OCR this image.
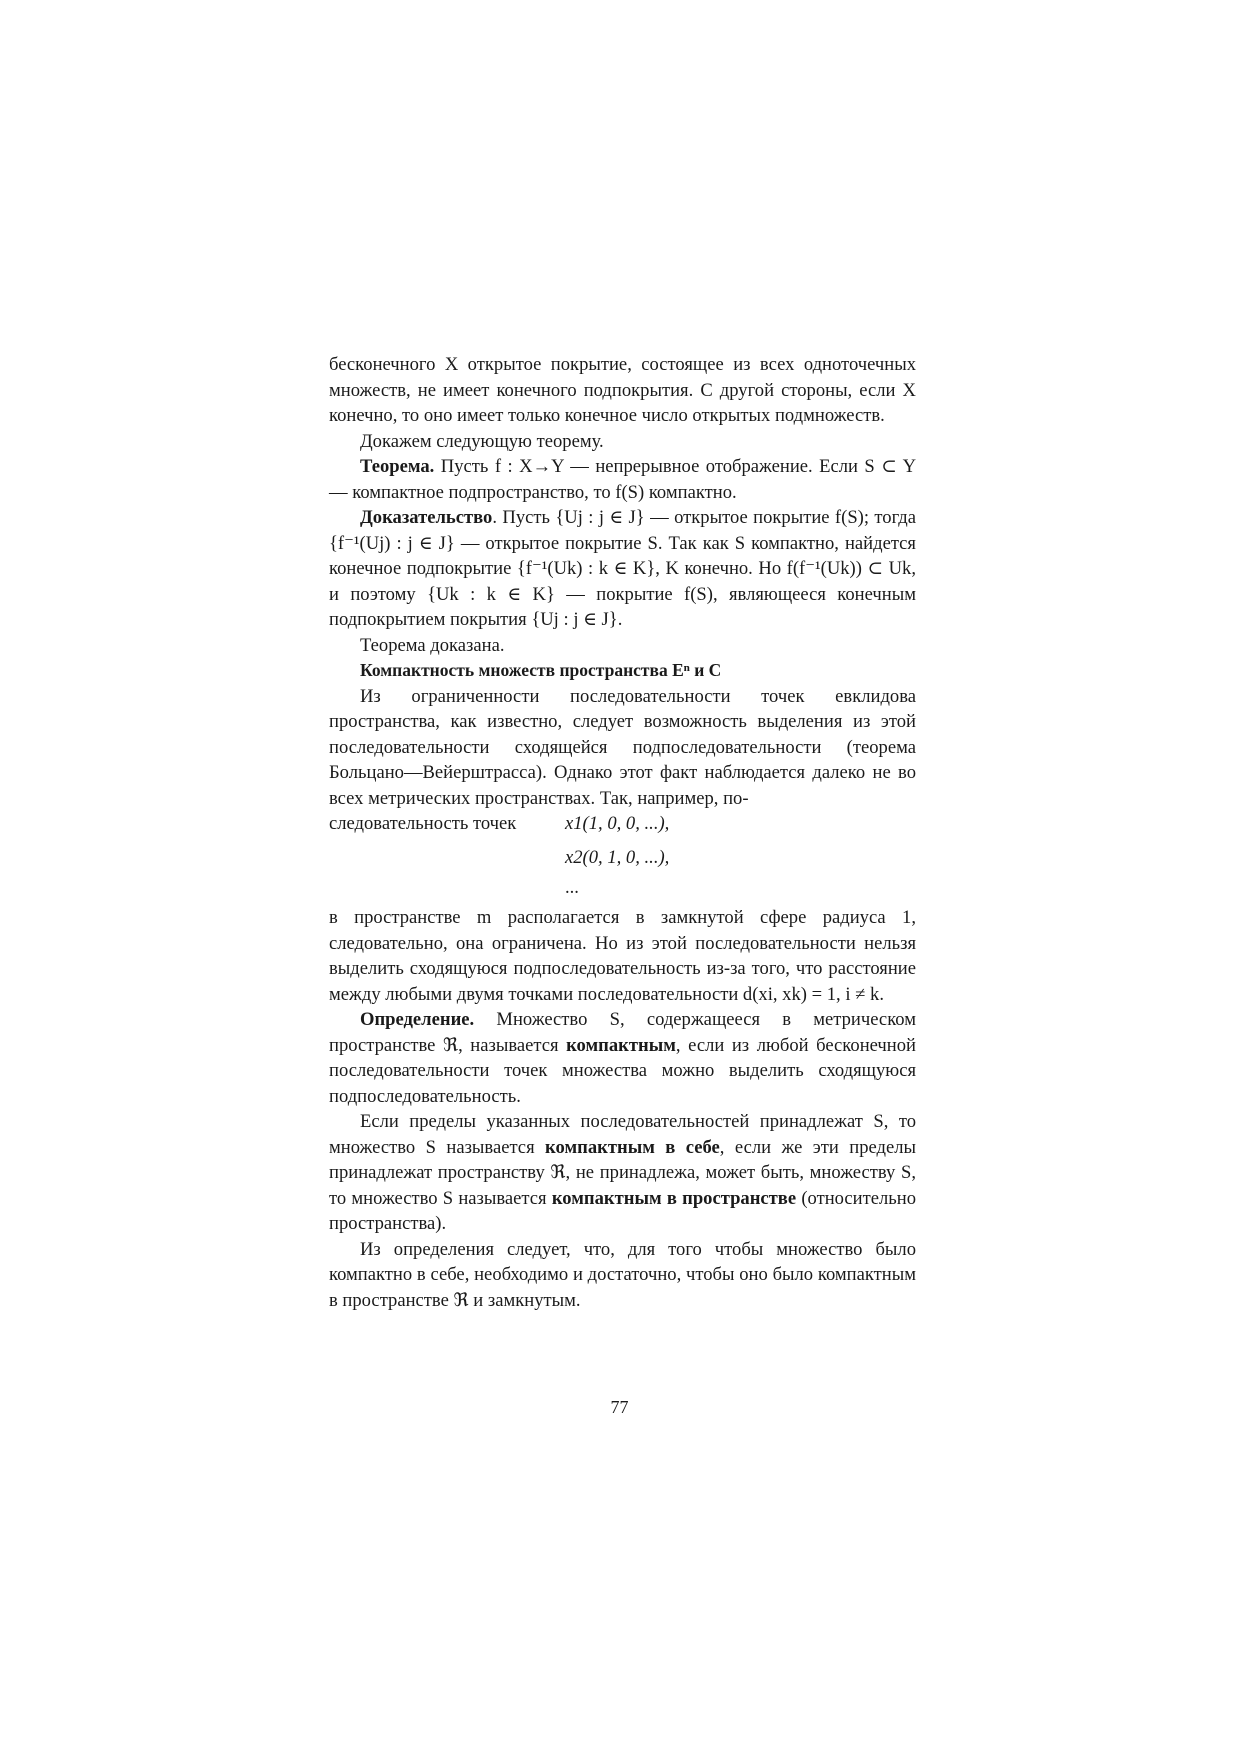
бесконечного X открытое покрытие, состоящее из всех одноточечных множеств, не имеет конечного подпокрытия. С другой стороны, если X конечно, то оно имеет только конечное число открытых подмножеств.

Докажем следующую теорему.

Теорема. Пусть f : X→Y — непрерывное отображение. Если S ⊂ Y — компактное подпространство, то f(S) компактно.

Доказательство. Пусть {Uj : j ∈ J} — открытое покрытие f(S); тогда {f⁻¹(Uj) : j ∈ J} — открытое покрытие S. Так как S компактно, найдется конечное подпокрытие {f⁻¹(Uk) : k ∈ K}, K конечно. Но f(f⁻¹(Uk)) ⊂ Uk, и поэтому {Uk : k ∈ K} — покрытие f(S), являющееся конечным подпокрытием покрытия {Uj : j ∈ J}.

Теорема доказана.

Компактность множеств пространства Eⁿ и C

Из ограниченности последовательности точек евклидова пространства, как известно, следует возможность выделения из этой последовательности сходящейся подпоследовательности (теорема Больцано—Вейерштрасса). Однако этот факт наблюдается далеко не во всех метрических пространствах. Так, например, по-

следовательность точек	x1(1, 0, 0, ...),
x2(0, 1, 0, ...),
...

в пространстве m располагается в замкнутой сфере радиуса 1, следовательно, она ограничена. Но из этой последовательности нельзя выделить сходящуюся подпоследовательность из-за того, что расстояние между любыми двумя точками последовательности d(xi, xk) = 1, i ≠ k.

Определение. Множество S, содержащееся в метрическом пространстве ℜ, называется компактным, если из любой бесконечной последовательности точек множества можно выделить сходящуюся подпоследовательность.

Если пределы указанных последовательностей принадлежат S, то множество S называется компактным в себе, если же эти пределы принадлежат пространству ℜ, не принадлежа, может быть, множеству S, то множество S называется компактным в пространстве (относительно пространства).

Из определения следует, что, для того чтобы множество было компактно в себе, необходимо и достаточно, чтобы оно было компактным в пространстве ℜ и замкнутым.

77
